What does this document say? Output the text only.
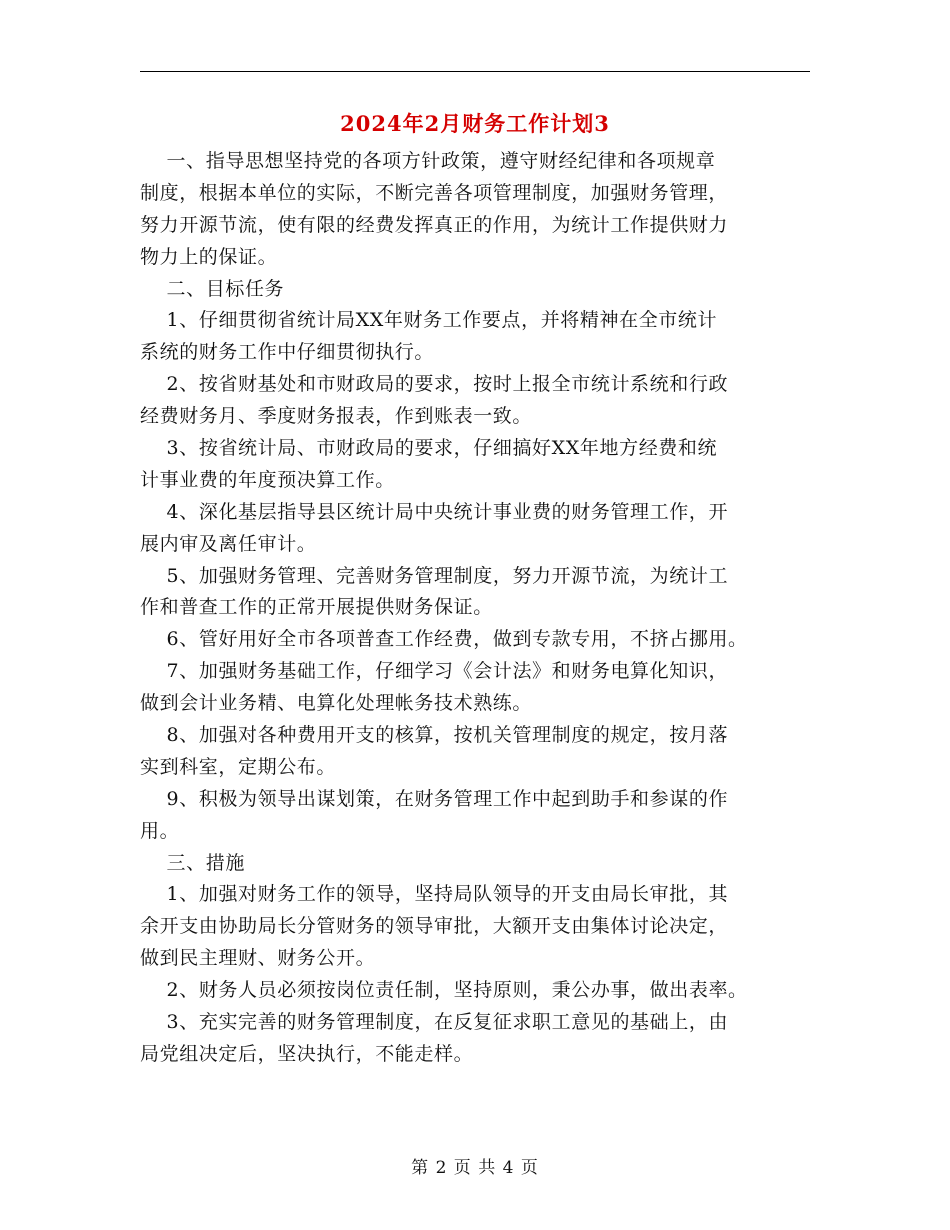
2024年2月财务工作计划3
一、指导思想坚持党的各项方针政策，遵守财经纪律和各项规章
制度，根据本单位的实际，不断完善各项管理制度，加强财务管理，
努力开源节流，使有限的经费发挥真正的作用，为统计工作提供财力
物力上的保证。
二、目标任务
1、仔细贯彻省统计局XX年财务工作要点，并将精神在全市统计
系统的财务工作中仔细贯彻执行。
2、按省财基处和市财政局的要求，按时上报全市统计系统和行政
经费财务月、季度财务报表，作到账表一致。
3、按省统计局、市财政局的要求，仔细搞好XX年地方经费和统
计事业费的年度预决算工作。
4、深化基层指导县区统计局中央统计事业费的财务管理工作，开
展内审及离任审计。
5、加强财务管理、完善财务管理制度，努力开源节流，为统计工
作和普查工作的正常开展提供财务保证。
6、管好用好全市各项普查工作经费，做到专款专用，不挤占挪用。
7、加强财务基础工作，仔细学习《会计法》和财务电算化知识，
做到会计业务精、电算化处理帐务技术熟练。
8、加强对各种费用开支的核算，按机关管理制度的规定，按月落
实到科室，定期公布。
9、积极为领导出谋划策，在财务管理工作中起到助手和参谋的作
用。
三、措施
1、加强对财务工作的领导，坚持局队领导的开支由局长审批，其
余开支由协助局长分管财务的领导审批，大额开支由集体讨论决定，
做到民主理财、财务公开。
2、财务人员必须按岗位责任制，坚持原则，秉公办事，做出表率。
3、充实完善的财务管理制度，在反复征求职工意见的基础上，由
局党组决定后，坚决执行，不能走样。
第 2 页 共 4 页
